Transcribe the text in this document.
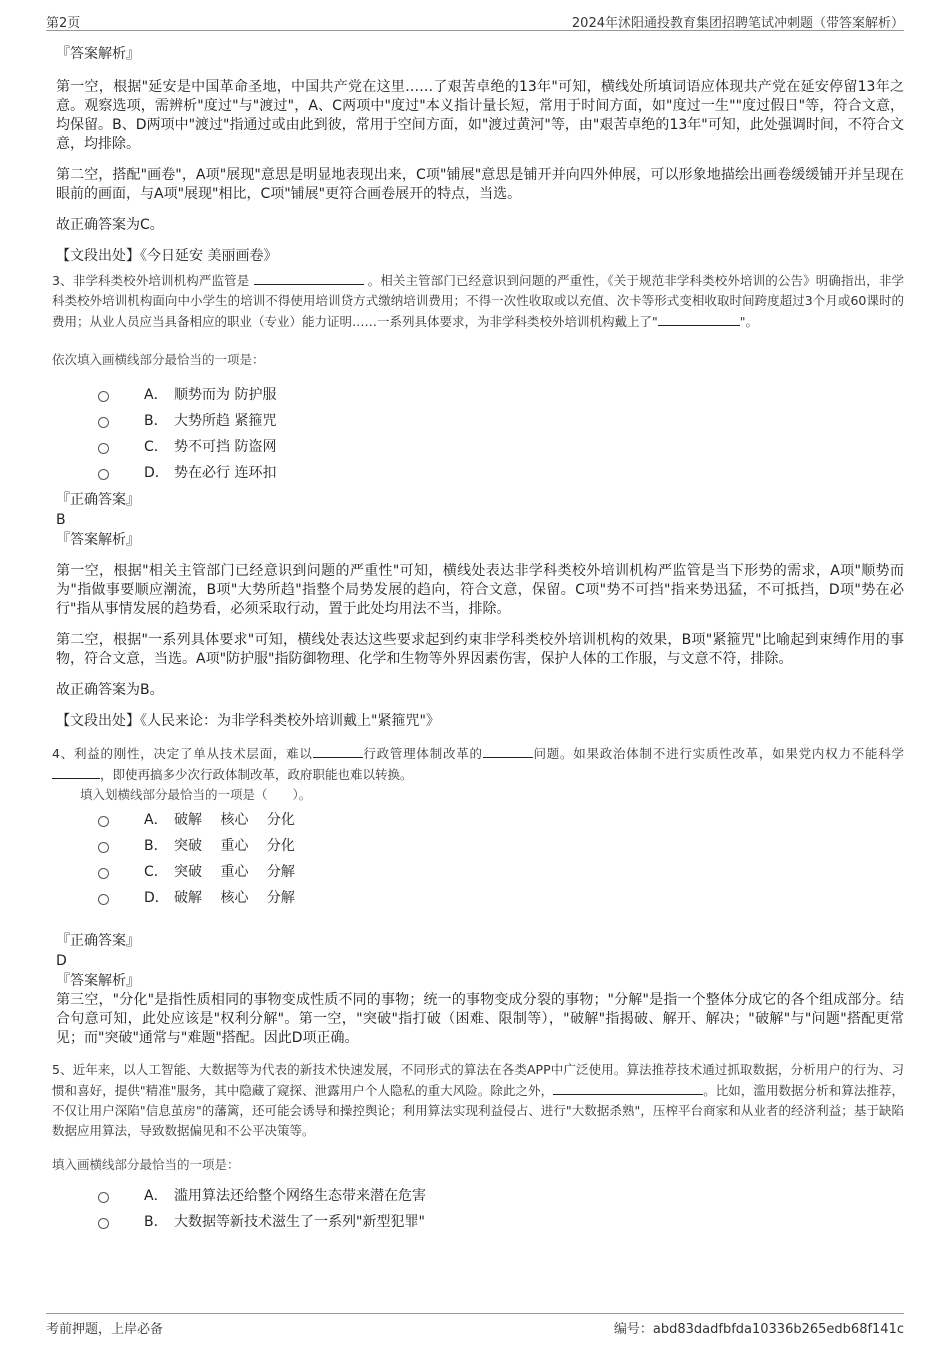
第2页	2024年沭阳通投教育集团招聘笔试冲刺题（带答案解析）

『答案解析』

第一空，根据"延安是中国革命圣地，中国共产党在这里……了艰苦卓绝的13年"可知，横线处所填词语应体现共产党在延安停留13年之意。观察选项，需辨析"度过"与"渡过"，A、C两项中"度过"本义指计量长短，常用于时间方面，如"度过一生""度过假日"等，符合文意，均保留。B、D两项中"渡过"指通过或由此到彼，常用于空间方面，如"渡过黄河"等，由"艰苦卓绝的13年"可知，此处强调时间，不符合文意，均排除。

第二空，搭配"画卷"，A项"展现"意思是明显地表现出来，C项"铺展"意思是铺开并向四外伸展，可以形象地描绘出画卷缓缓铺开并呈现在眼前的画面，与A项"展现"相比，C项"铺展"更符合画卷展开的特点，当选。

故正确答案为C。

【文段出处】《今日延安 美丽画卷》

3、非学科类校外培训机构严监管是	。相关主管部门已经意识到问题的严重性，《关于规范非学科类校外培训的公告》明确指出，非学科类校外培训机构面向中小学生的培训不得使用培训贷方式缴纳培训费用；不得一次性收取或以充值、次卡等形式变相收取时间跨度超过3个月或60课时的费用；从业人员应当具备相应的职业（专业）能力证明……一系列具体要求，为非学科类校外培训机构戴上了"	"。

依次填入画横线部分最恰当的一项是：

A． 顺势而为 防护服
B． 大势所趋 紧箍咒
C． 势不可挡 防盗网
D． 势在必行 连环扣

『正确答案』

B

『答案解析』

第一空，根据"相关主管部门已经意识到问题的严重性"可知，横线处表达非学科类校外培训机构严监管是当下形势的需求，A项"顺势而为"指做事要顺应潮流，B项"大势所趋"指整个局势发展的趋向，符合文意，保留。C项"势不可挡"指来势迅猛，不可抵挡，D项"势在必行"指从事情发展的趋势看，必须采取行动，置于此处均用法不当，排除。

第二空，根据"一系列具体要求"可知，横线处表达这些要求起到约束非学科类校外培训机构的效果，B项"紧箍咒"比喻起到束缚作用的事物，符合文意，当选。A项"防护服"指防御物理、化学和生物等外界因素伤害，保护人体的工作服，与文意不符，排除。

故正确答案为B。

【文段出处】《人民来论：为非学科类校外培训戴上"紧箍咒"》

4、利益的刚性，决定了单从技术层面，难以	行政管理体制改革的	问题。如果政治体制不进行实质性改革，如果党内权力不能科学，即使再搞多少次行政体制改革，政府职能也难以转换。

填入划横线部分最恰当的一项是（　　）。

A． 破解　 核心　 分化
B． 突破　 重心　 分化
C． 突破　 重心　 分解
D． 破解　 核心　 分解

『正确答案』

D

『答案解析』

第三空，"分化"是指性质相同的事物变成性质不同的事物；统一的事物变成分裂的事物；"分解"是指一个整体分成它的各个组成部分。结合句意可知，此处应该是"权利分解"。第一空，"突破"指打破（困难、限制等），"破解"指揭破、解开、解决；"破解"与"问题"搭配更常见；而"突破"通常与"难题"搭配。因此D项正确。

5、近年来，以人工智能、大数据等为代表的新技术快速发展，不同形式的算法在各类APP中广泛使用。算法推荐技术通过抓取数据，分析用户的行为、习惯和喜好，提供"精准"服务，其中隐藏了窥探、泄露用户个人隐私的重大风险。除此之外，	。比如，滥用数据分析和算法推荐，不仅让用户深陷"信息茧房"的藩篱，还可能会诱导和操控舆论；利用算法实现利益侵占、进行"大数据杀熟"，压榨平台商家和从业者的经济利益；基于缺陷数据应用算法，导致数据偏见和不公平决策等。

填入画横线部分最恰当的一项是：

A． 滥用算法还给整个网络生态带来潜在危害
B． 大数据等新技术滋生了一系列"新型犯罪"
考前押题，上岸必备	编号：abd83dadfbfda10336b265edb68f141c
